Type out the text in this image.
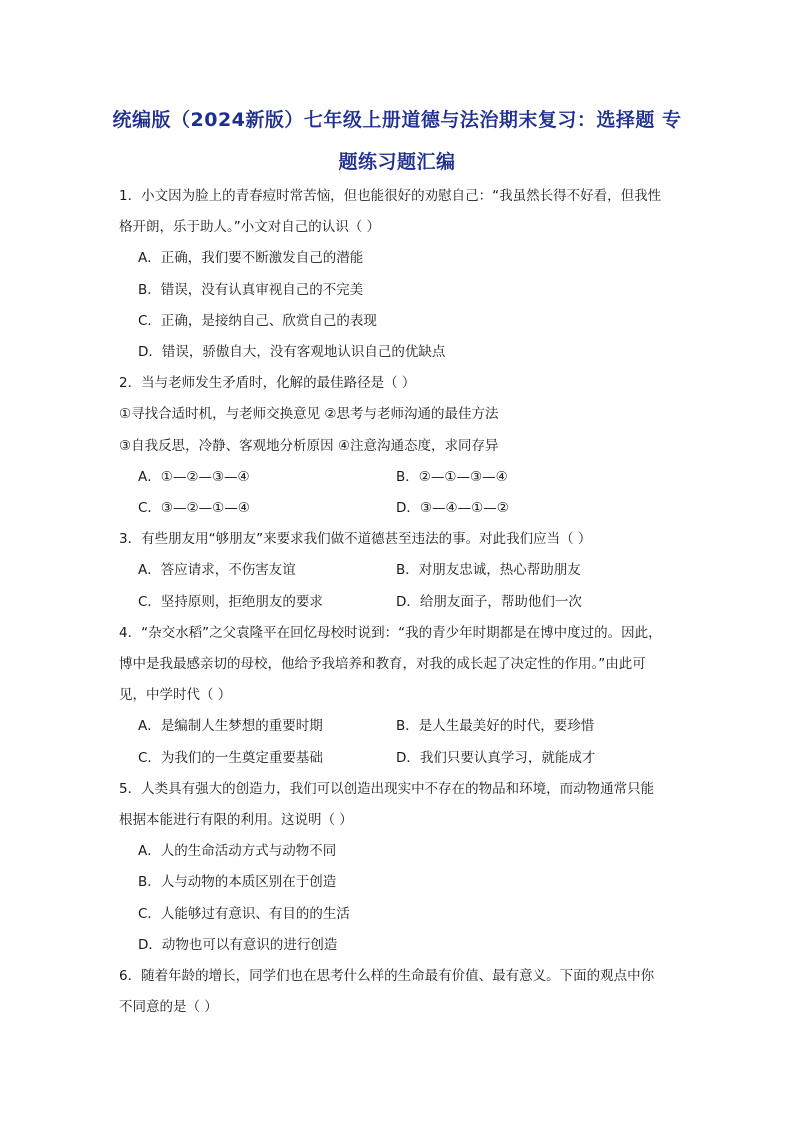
统编版（2024新版）七年级上册道德与法治期末复习：选择题 专
题练习题汇编
1．小文因为脸上的青春痘时常苦恼，但也能很好的劝慰自己：“我虽然长得不好看，但我性
格开朗，乐于助人。”小文对自己的认识（ ）
A．正确，我们要不断激发自己的潜能
B．错误，没有认真审视自己的不完美
C．正确，是接纳自己、欣赏自己的表现
D．错误，骄傲自大，没有客观地认识自己的优缺点
2．当与老师发生矛盾时，化解的最佳路径是（ ）
①寻找合适时机，与老师交换意见 ②思考与老师沟通的最佳方法
③自我反思，冷静、客观地分析原因 ④注意沟通态度，求同存异
A．①—②—③—④	B．②—①—③—④
C．③—②—①—④	D．③—④—①—②
3．有些朋友用“够朋友”来要求我们做不道德甚至违法的事。对此我们应当（ ）
A．答应请求，不伤害友谊	B．对朋友忠诚，热心帮助朋友
C．坚持原则，拒绝朋友的要求	D．给朋友面子，帮助他们一次
4．“杂交水稻”之父袁隆平在回忆母校时说到：“我的青少年时期都是在博中度过的。因此，
博中是我最感亲切的母校，他给予我培养和教育，对我的成长起了决定性的作用。”由此可
见，中学时代（ ）
A．是编制人生梦想的重要时期	B．是人生最美好的时代，要珍惜
C．为我们的一生奠定重要基础	D．我们只要认真学习，就能成才
5．人类具有强大的创造力，我们可以创造出现实中不存在的物品和环境，而动物通常只能
根据本能进行有限的利用。这说明（ ）
A．人的生命活动方式与动物不同
B．人与动物的本质区别在于创造
C．人能够过有意识、有目的的生活
D．动物也可以有意识的进行创造
6．随着年龄的增长，同学们也在思考什么样的生命最有价值、最有意义。下面的观点中你
不同意的是（ ）
